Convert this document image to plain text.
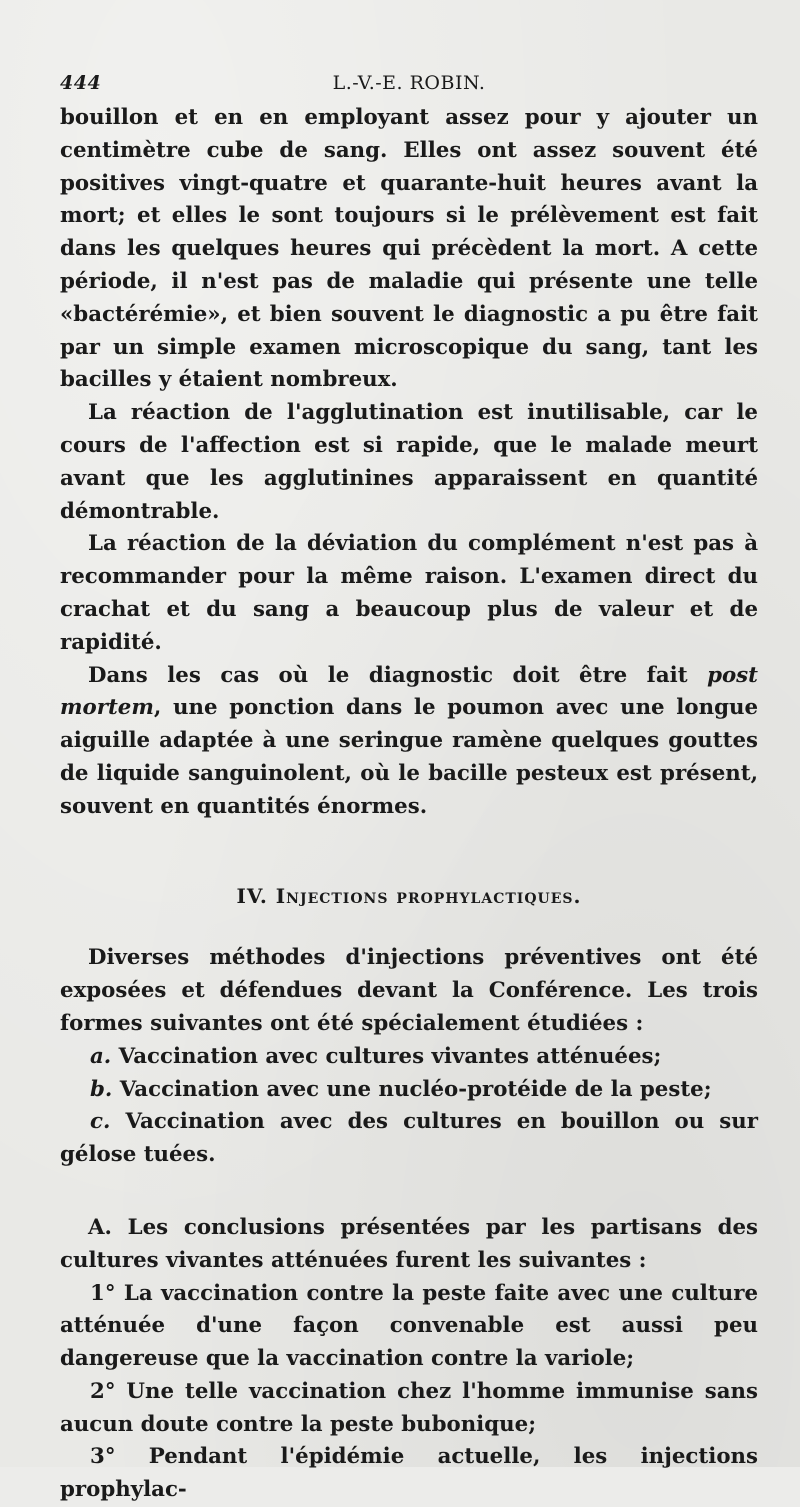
444	L.-V.-E. ROBIN.

bouillon et en en employant assez pour y ajouter un centimètre cube de sang. Elles ont assez souvent été positives vingt-quatre et quarante-huit heures avant la mort; et elles le sont toujours si le prélèvement est fait dans les quelques heures qui précèdent la mort. A cette période, il n'est pas de maladie qui présente une telle «bactérémie», et bien souvent le diagnostic a pu être fait par un simple examen microscopique du sang, tant les bacilles y étaient nombreux.

La réaction de l'agglutination est inutilisable, car le cours de l'affection est si rapide, que le malade meurt avant que les agglutinines apparaissent en quantité démontrable.

La réaction de la déviation du complément n'est pas à recommander pour la même raison. L'examen direct du crachat et du sang a beaucoup plus de valeur et de rapidité.

Dans les cas où le diagnostic doit être fait post mortem, une ponction dans le poumon avec une longue aiguille adaptée à une seringue ramène quelques gouttes de liquide sanguinolent, où le bacille pesteux est présent, souvent en quantités énormes.

IV. Injections prophylactiques.

Diverses méthodes d'injections préventives ont été exposées et défendues devant la Conférence. Les trois formes suivantes ont été spécialement étudiées :

a. Vaccination avec cultures vivantes atténuées;

b. Vaccination avec une nucléo-protéide de la peste;

c. Vaccination avec des cultures en bouillon ou sur gélose tuées.

A. Les conclusions présentées par les partisans des cultures vivantes atténuées furent les suivantes :

1° La vaccination contre la peste faite avec une culture atténuée d'une façon convenable est aussi peu dangereuse que la vaccination contre la variole;

2° Une telle vaccination chez l'homme immunise sans aucun doute contre la peste bubonique;

3° Pendant l'épidémie actuelle, les injections prophylac-
